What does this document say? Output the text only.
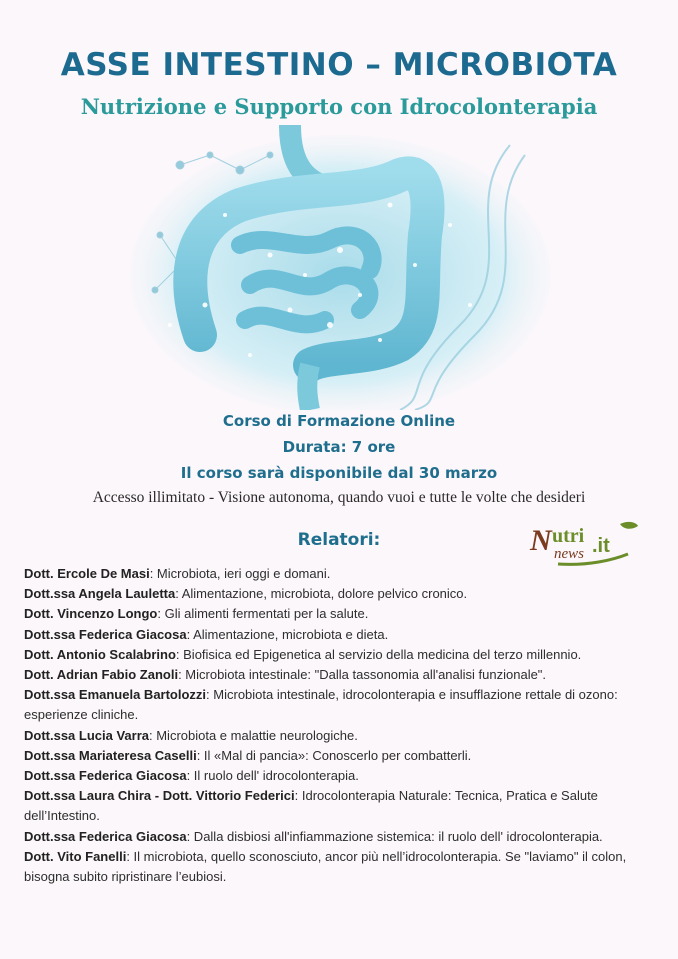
ASSE INTESTINO – MICROBIOTA
Nutrizione e Supporto con Idrocolonterapia
Corso di Formazione Online
Durata: 7 ore
Il corso sarà disponibile dal 30 marzo
Accesso illimitato - Visione autonoma, quando vuoi e tutte le volte che desideri
Relatori:	N utri
news .it

Dott. Ercole De Masi: Microbiota, ieri oggi e domani.

Dott.ssa Angela Lauletta: Alimentazione, microbiota, dolore pelvico cronico.

Dott. Vincenzo Longo: Gli alimenti fermentati per la salute.

Dott.ssa Federica Giacosa: Alimentazione, microbiota e dieta.

Dott. Antonio Scalabrino: Biofisica ed Epigenetica al servizio della medicina del terzo millennio.

Dott. Adrian Fabio Zanoli: Microbiota intestinale: "Dalla tassonomia all'analisi funzionale".

Dott.ssa Emanuela Bartolozzi: Microbiota intestinale, idrocolonterapia e insufflazione rettale di ozono: esperienze cliniche.

Dott.ssa Lucia Varra: Microbiota e malattie neurologiche.

Dott.ssa Mariateresa Caselli: Il «Mal di pancia»: Conoscerlo per combatterli.

Dott.ssa Federica Giacosa: Il ruolo dell' idrocolonterapia.

Dott.ssa Laura Chira - Dott. Vittorio Federici: Idrocolonterapia Naturale: Tecnica, Pratica e Salute dell’Intestino.

Dott.ssa Federica Giacosa: Dalla disbiosi all'infiammazione sistemica: il ruolo dell' idrocolonterapia.

Dott. Vito Fanelli: Il microbiota, quello sconosciuto, ancor più nell’idrocolonterapia. Se "laviamo" il colon, bisogna subito ripristinare l’eubiosi.
